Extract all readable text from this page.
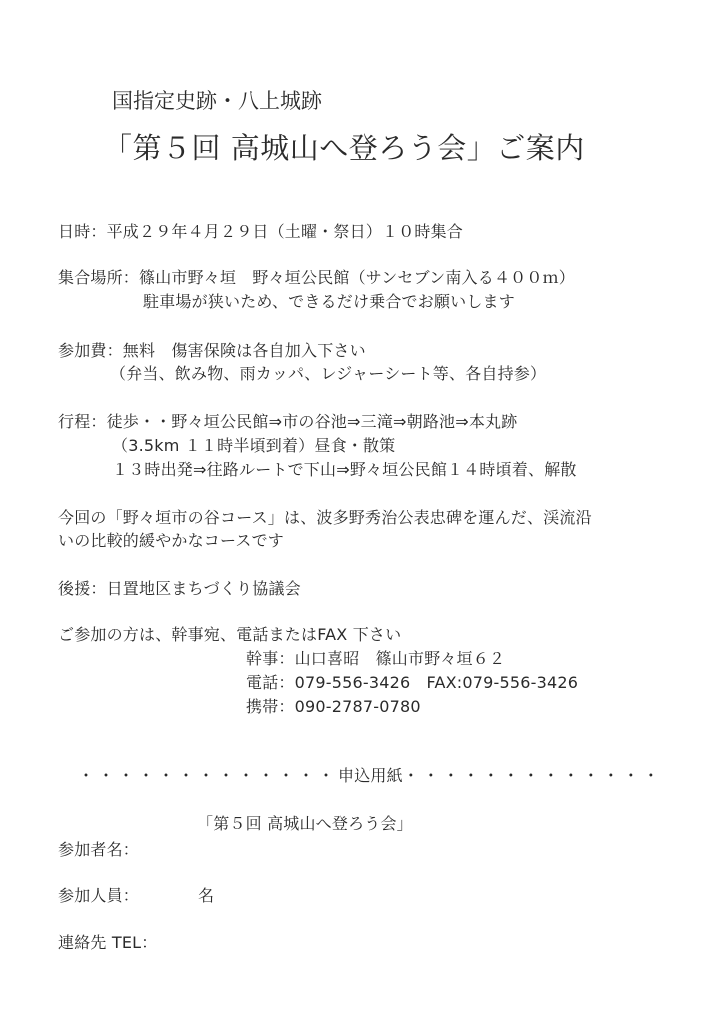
国指定史跡・八上城跡
「第５回 高城山へ登ろう会」ご案内
日時：平成２９年４月２９日（土曜・祭日）１０時集合
集合場所：篠山市野々垣　野々垣公民館（サンセブン南入る４００ｍ）
駐車場が狭いため、できるだけ乗合でお願いします
参加費：無料　傷害保険は各自加入下さい
（弁当、飲み物、雨カッパ、レジャーシート等、各自持参）
行程：徒歩・・野々垣公民館⇒市の谷池⇒三滝⇒朝路池⇒本丸跡
（3.5km １１時半頃到着）昼食・散策
１３時出発⇒往路ルートで下山⇒野々垣公民館１４時頃着、解散
今回の「野々垣市の谷コース」は、波多野秀治公表忠碑を運んだ、渓流沿
いの比較的緩やかなコースです
後援：日置地区まちづくり協議会
ご参加の方は、幹事宛、電話またはFAX 下さい
幹事：山口喜昭　篠山市野々垣６２
電話：079-556-3426　FAX:079-556-3426
携帯：090-2787-0780
・・・・・・・・・・・・・申込用紙・・・・・・・・・・・・・
「第５回 高城山へ登ろう会」
参加者名：
参加人員：	名
連絡先 TEL：
